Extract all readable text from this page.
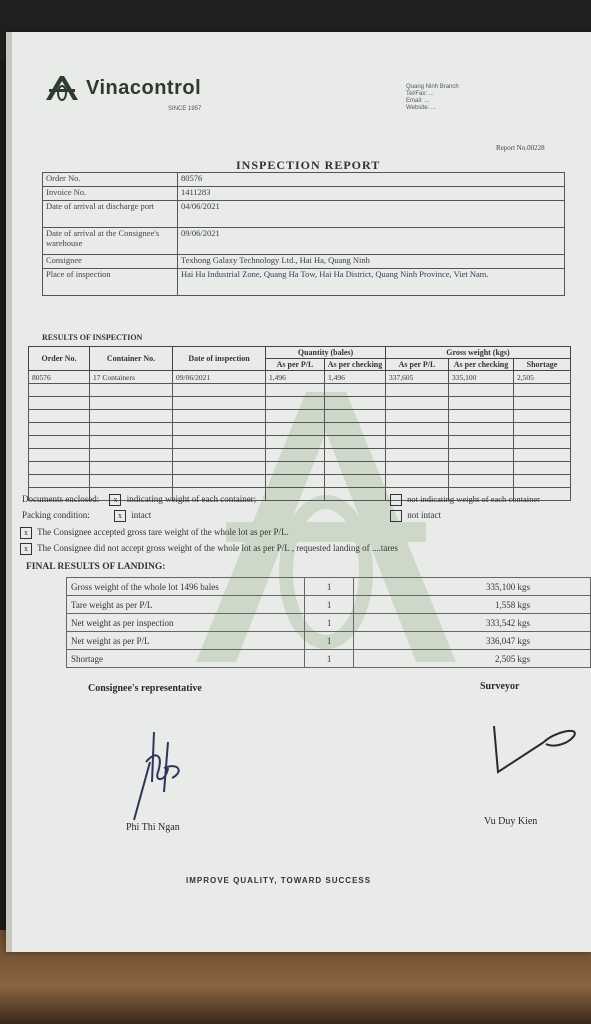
Vinacontrol
SINCE 1957
Quang Ninh Branch
Tel/Fax: ...
Email: ...
Website: ...
Report No.00228
INSPECTION REPORT
Order No.	80576
Invoice No.	1411283
Date of arrival at discharge port	04/06/2021
Date of arrival at the Consignee's warehouse	09/06/2021
Consignee	Texhong Galaxy Technology Ltd., Hai Ha, Quang Ninh
Place of inspection	Hai Ha Industrial Zone, Quang Ha Tow, Hai Ha District, Quang Ninh Province, Viet Nam.
RESULTS OF INSPECTION
Order No.	Container No.	Date of inspection	Quantity (bales)		Gross weight (kgs)		
			As per P/L	As per checking	As per P/L	As per checking	Shortage
80576	17 Containers	09/06/2021	1,496	1,496	337,605	335,100	2,505

Documents enclosed: x indicating weight of each container;	not indicating weight of each container
Packing condition:	x intact	not intact
x The Consignee accepted gross tare weight of the whole lot as per P/L.
x The Consignee did not accept gross weight of the whole lot as per P/L , requested landing of ....tares
FINAL RESULTS OF LANDING:
Gross weight of the whole lot 1496 bales	1	335,100 kgs
Tare weight as per P/L	1	1,558 kgs
Net weight as per inspection	1	333,542 kgs
Net weight as per P/L	1	336,047 kgs
Shortage	1	2,505 kgs
Consignee's representative	Surveyor
Phi Thi Ngan
Vu Duy Kien
IMPROVE QUALITY, TOWARD SUCCESS
